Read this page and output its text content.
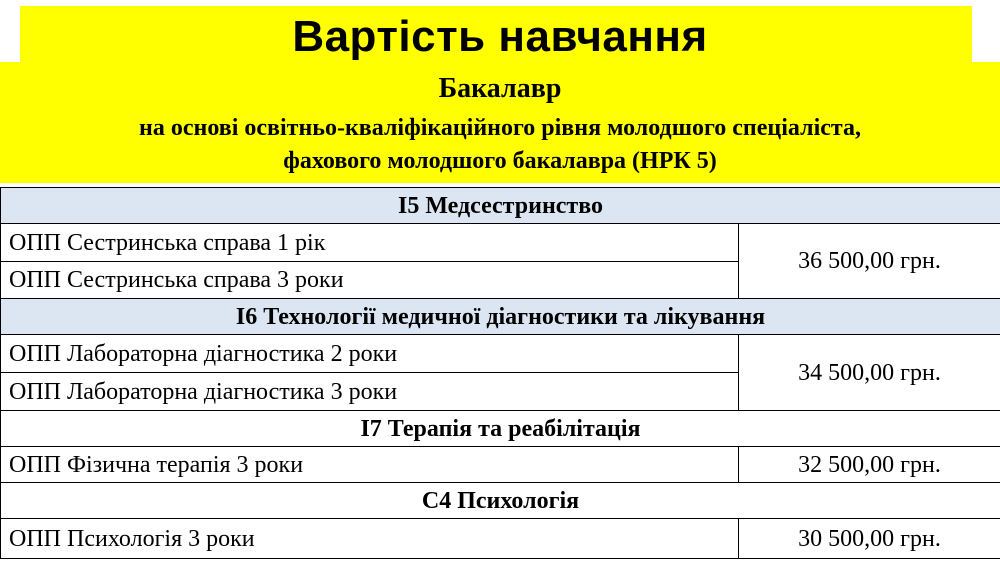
Вартість навчання
Бакалавр
на основі освітньо-кваліфікаційного рівня молодшого спеціаліста,
фахового молодшого бакалавра (НРК 5)
І5 Медсестринство	
ОПП Сестринська справа 1 рік	36 500,00 грн.
ОПП Сестринська справа 3 роки	
І6 Технології медичної діагностики та лікування	
ОПП Лабораторна діагностика 2 роки	34 500,00 грн.
ОПП Лабораторна діагностика 3 роки	
І7 Терапія та реабілітація	
ОПП Фізична терапія 3 роки	32 500,00 грн.
С4 Психологія	
ОПП Психологія 3 роки	30 500,00 грн.
